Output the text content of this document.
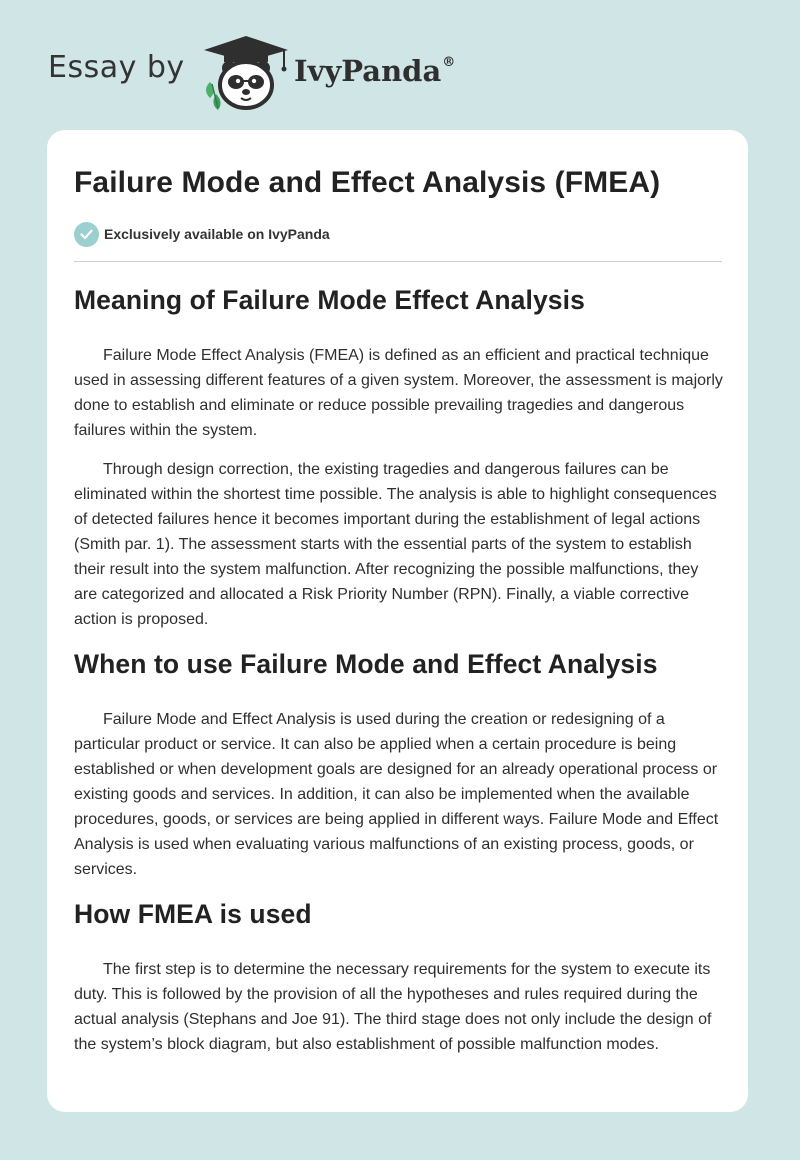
Essay by	IvyPanda®
Failure Mode and Effect Analysis (FMEA)
Exclusively available on IvyPanda
Meaning of Failure Mode Effect Analysis

Failure Mode Effect Analysis (FMEA) is defined as an efficient and practical technique used in assessing different features of a given system. Moreover, the assessment is majorly done to establish and eliminate or reduce possible prevailing tragedies and dangerous failures within the system.

Through design correction, the existing tragedies and dangerous failures can be eliminated within the shortest time possible. The analysis is able to highlight consequences of detected failures hence it becomes important during the establishment of legal actions (Smith par. 1). The assessment starts with the essential parts of the system to establish their result into the system malfunction. After recognizing the possible malfunctions, they are categorized and allocated a Risk Priority Number (RPN). Finally, a viable corrective action is proposed.

When to use Failure Mode and Effect Analysis

Failure Mode and Effect Analysis is used during the creation or redesigning of a particular product or service. It can also be applied when a certain procedure is being established or when development goals are designed for an already operational process or existing goods and services. In addition, it can also be implemented when the available procedures, goods, or services are being applied in different ways. Failure Mode and Effect Analysis is used when evaluating various malfunctions of an existing process, goods, or services.

How FMEA is used

The first step is to determine the necessary requirements for the system to execute its duty. This is followed by the provision of all the hypotheses and rules required during the actual analysis (Stephans and Joe 91). The third stage does not only include the design of the system’s block diagram, but also establishment of possible malfunction modes.
